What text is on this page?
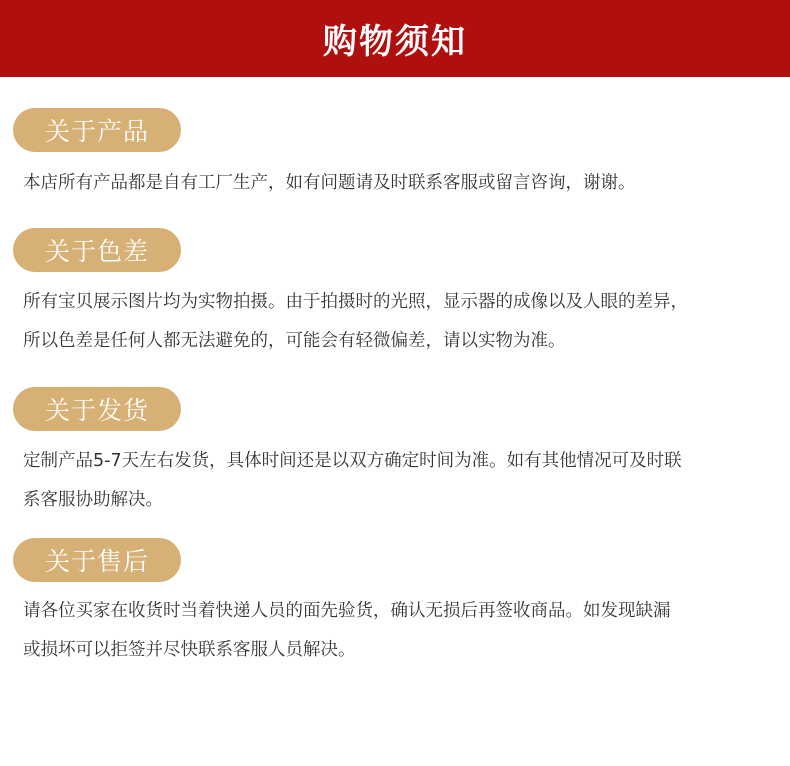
购物须知
关于产品
本店所有产品都是自有工厂生产，如有问题请及时联系客服或留言咨询，谢谢。
关于色差
所有宝贝展示图片均为实物拍摄。由于拍摄时的光照，显示器的成像以及人眼的差异，
所以色差是任何人都无法避免的，可能会有轻微偏差，请以实物为准。
关于发货
定制产品5-7天左右发货，具体时间还是以双方确定时间为准。如有其他情况可及时联
系客服协助解决。
关于售后
请各位买家在收货时当着快递人员的面先验货，确认无损后再签收商品。如发现缺漏
或损坏可以拒签并尽快联系客服人员解决。
